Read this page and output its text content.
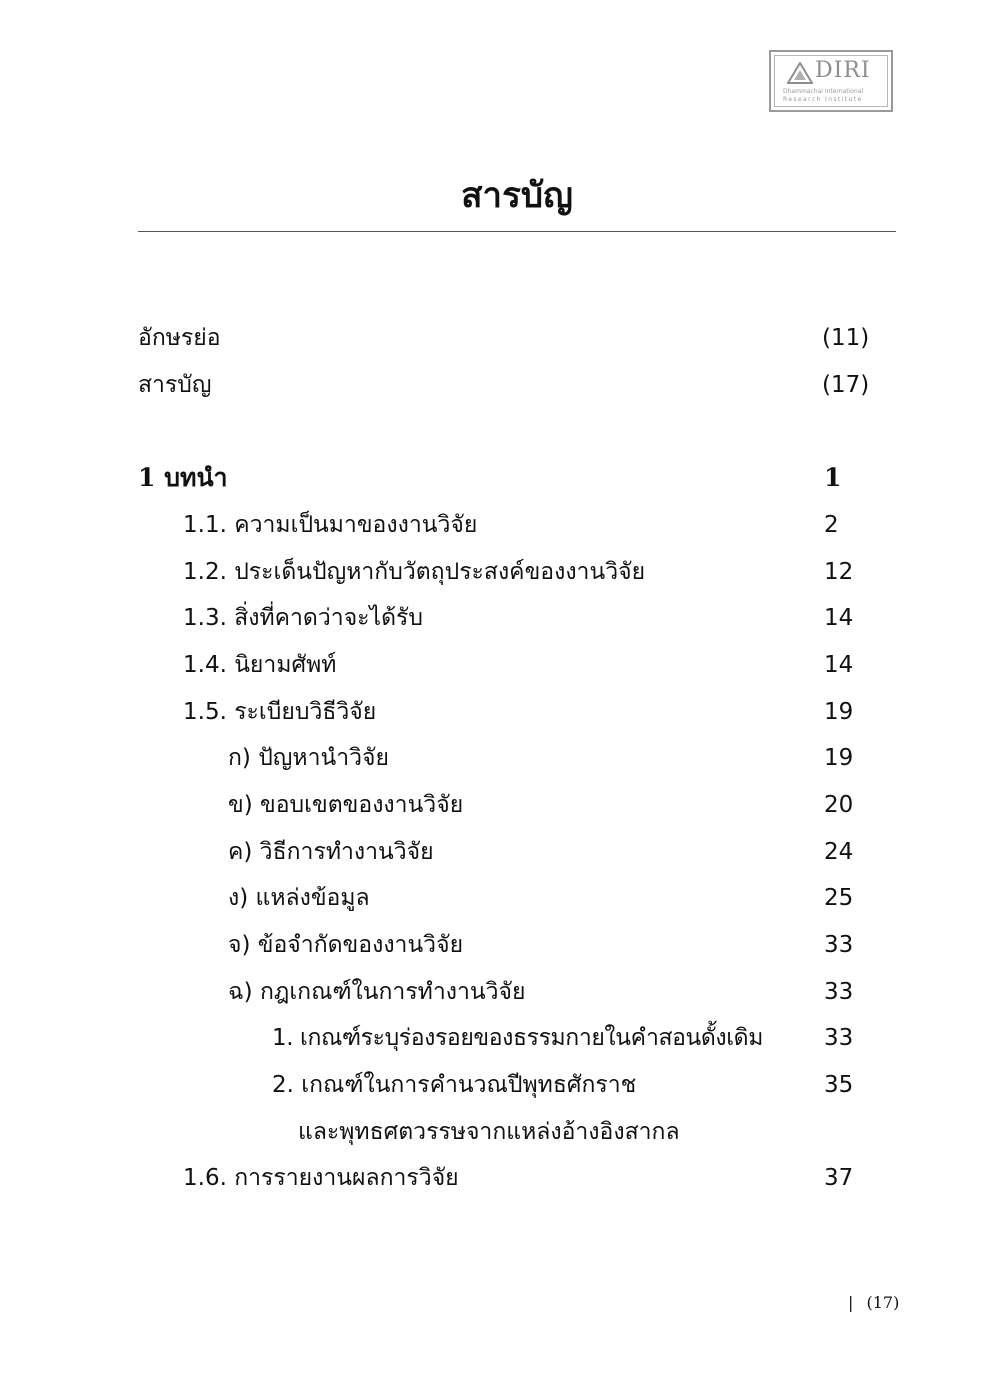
DIRI
Dhammachai International
Research Institute
สารบัญ
อักษรย่อ	(11)
สารบัญ	(17)
1 บทนำ	1
1.1. ความเป็นมาของงานวิจัย	2
1.2. ประเด็นปัญหากับวัตถุประสงค์ของงานวิจัย	12
1.3. สิ่งที่คาดว่าจะได้รับ	14
1.4. นิยามศัพท์	14
1.5. ระเบียบวิธีวิจัย	19
ก) ปัญหานำวิจัย	19
ข) ขอบเขตของงานวิจัย	20
ค) วิธีการทำงานวิจัย	24
ง) แหล่งข้อมูล	25
จ) ข้อจำกัดของงานวิจัย	33
ฉ) กฎเกณฑ์ในการทำงานวิจัย	33
1. เกณฑ์ระบุร่องรอยของธรรมกายในคำสอนดั้งเดิม	33
2. เกณฑ์ในการคำนวณปีพุทธศักราช	35
และพุทธศตวรรษจากแหล่งอ้างอิงสากล
1.6. การรายงานผลการวิจัย	37
| (17)
